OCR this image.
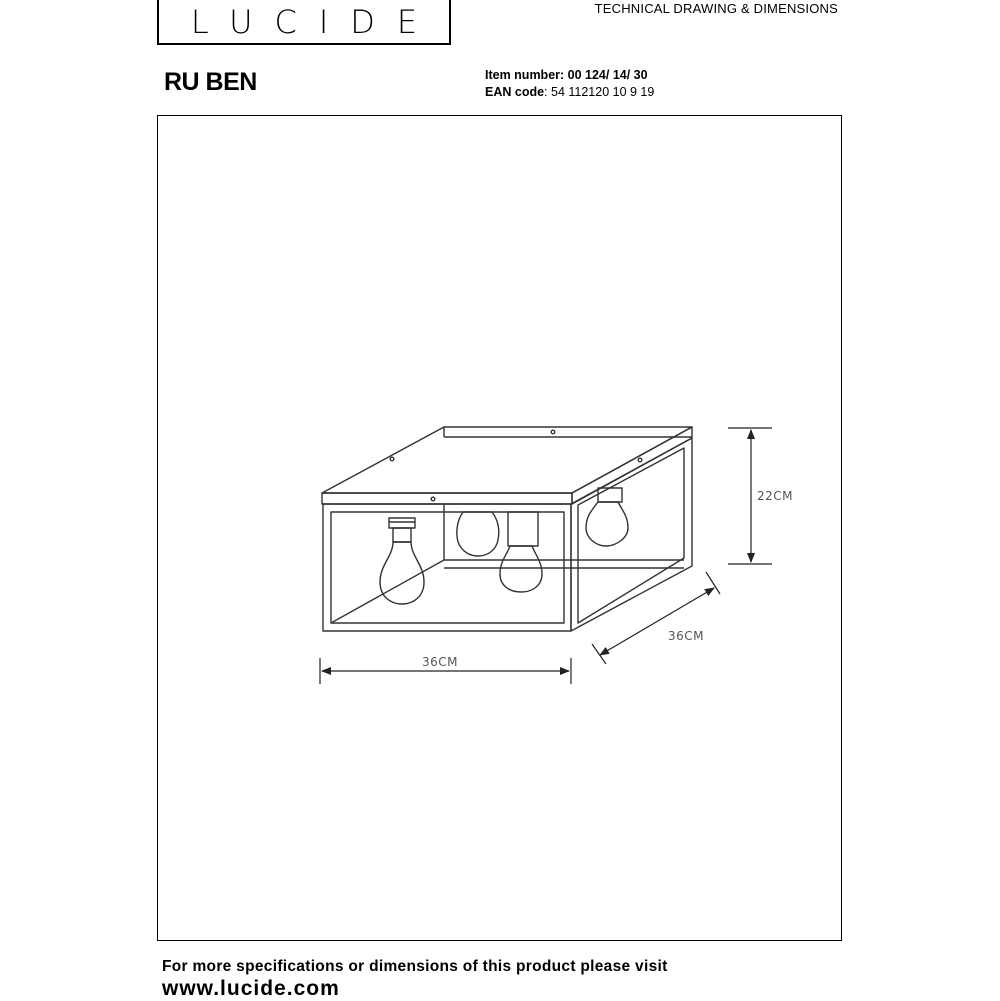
LUCIDE	TECHNICAL DRAWING & DIMENSIONS
RU BEN	Item number: 00 124/ 14/ 30
EAN code: 54 112120 10 9 19
22CM
36CM
36CM
For more specifications or dimensions of this product please visit
www.lucide.com
